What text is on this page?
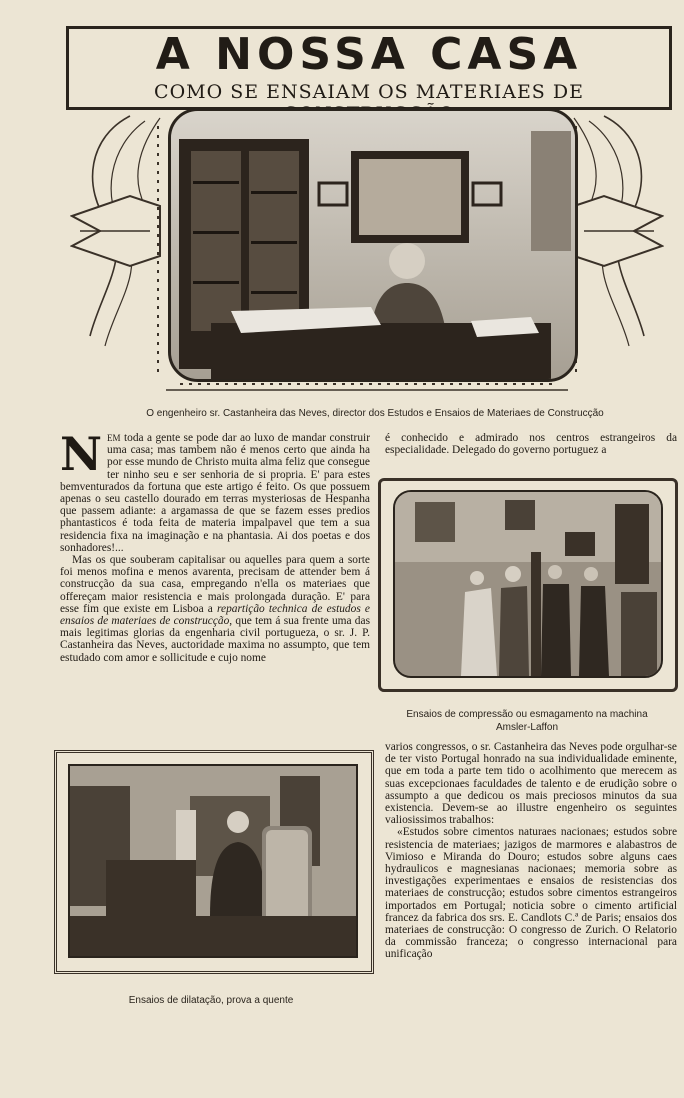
A NOSSA CASA
COMO SE ENSAIAM OS MATERIAES DE
O engenheiro sr. Castanheira das Neves, director dos Estudos e Ensaios de Materiaes de Construcção

NEM toda a gente se pode dar ao luxo de mandar construir uma casa; mas tambem não é menos certo que ainda ha por esse mundo de Christo muita alma feliz que consegue ter ninho seu e ser senhoria de si propria. E' para estes bemventurados da fortuna que este artigo é feito. Os que possuem apenas o seu castello dourado em terras mysteriosas de Hespanha que passem adiante: a argamassa de que se fazem esses predios phantasticos é toda feita de materia impalpavel que tem a sua residencia fixa na imaginação e na phantasia. Ai dos poetas e dos sonhadores!...

Mas os que souberam capitalisar ou aquelles para quem a sorte foi menos mofina e menos avarenta, precisam de attender bem á construcção da sua casa, empregando n'ella os materiaes que offereçam maior resistencia e mais prolongada duração. E' para esse fim que existe em Lisboa a repartição technica de estudos e ensaios de materiaes de construcção, que tem á sua frente uma das mais legitimas glorias da engenharia civil portugueza, o sr. J. P. Castanheira das Neves, auctoridade maxima no assumpto, que tem estudado com amor e sollicitude e cujo nome

é conhecido e admirado nos centros estrangeiros da especialidade. Delegado do governo portuguez a

Ensaios de compressão ou esmagamento na machina
Amsler-Laffon
Ensaios de dilatação, prova a quente

varios congressos, o sr. Castanheira das Neves pode orgulhar-se de ter visto Portugal honrado na sua individualidade eminente, que em toda a parte tem tido o acolhimento que merecem as suas excepcionaes faculdades de talento e de erudição sobre o assumpto a que dedicou os mais preciosos minutos da sua existencia. Devem-se ao illustre engenheiro os seguintes valiosissimos trabalhos:

«Estudos sobre cimentos naturaes nacionaes; estudos sobre resistencia de materiaes; jazigos de marmores e alabastros de Vimioso e Miranda do Douro; estudos sobre alguns caes hydraulicos e magnesianas nacionaes; memoria sobre as investigações experimentaes e ensaios de resistencias dos materiaes de construcção; estudos sobre cimentos estrangeiros importados em Portugal; noticia sobre o cimento artificial francez da fabrica dos srs. E. Candlots C.ª de Paris; ensaios dos materiaes de construcção: O congresso de Zurich. O Relatorio da commissão franceza; o congresso internacional para unificação
